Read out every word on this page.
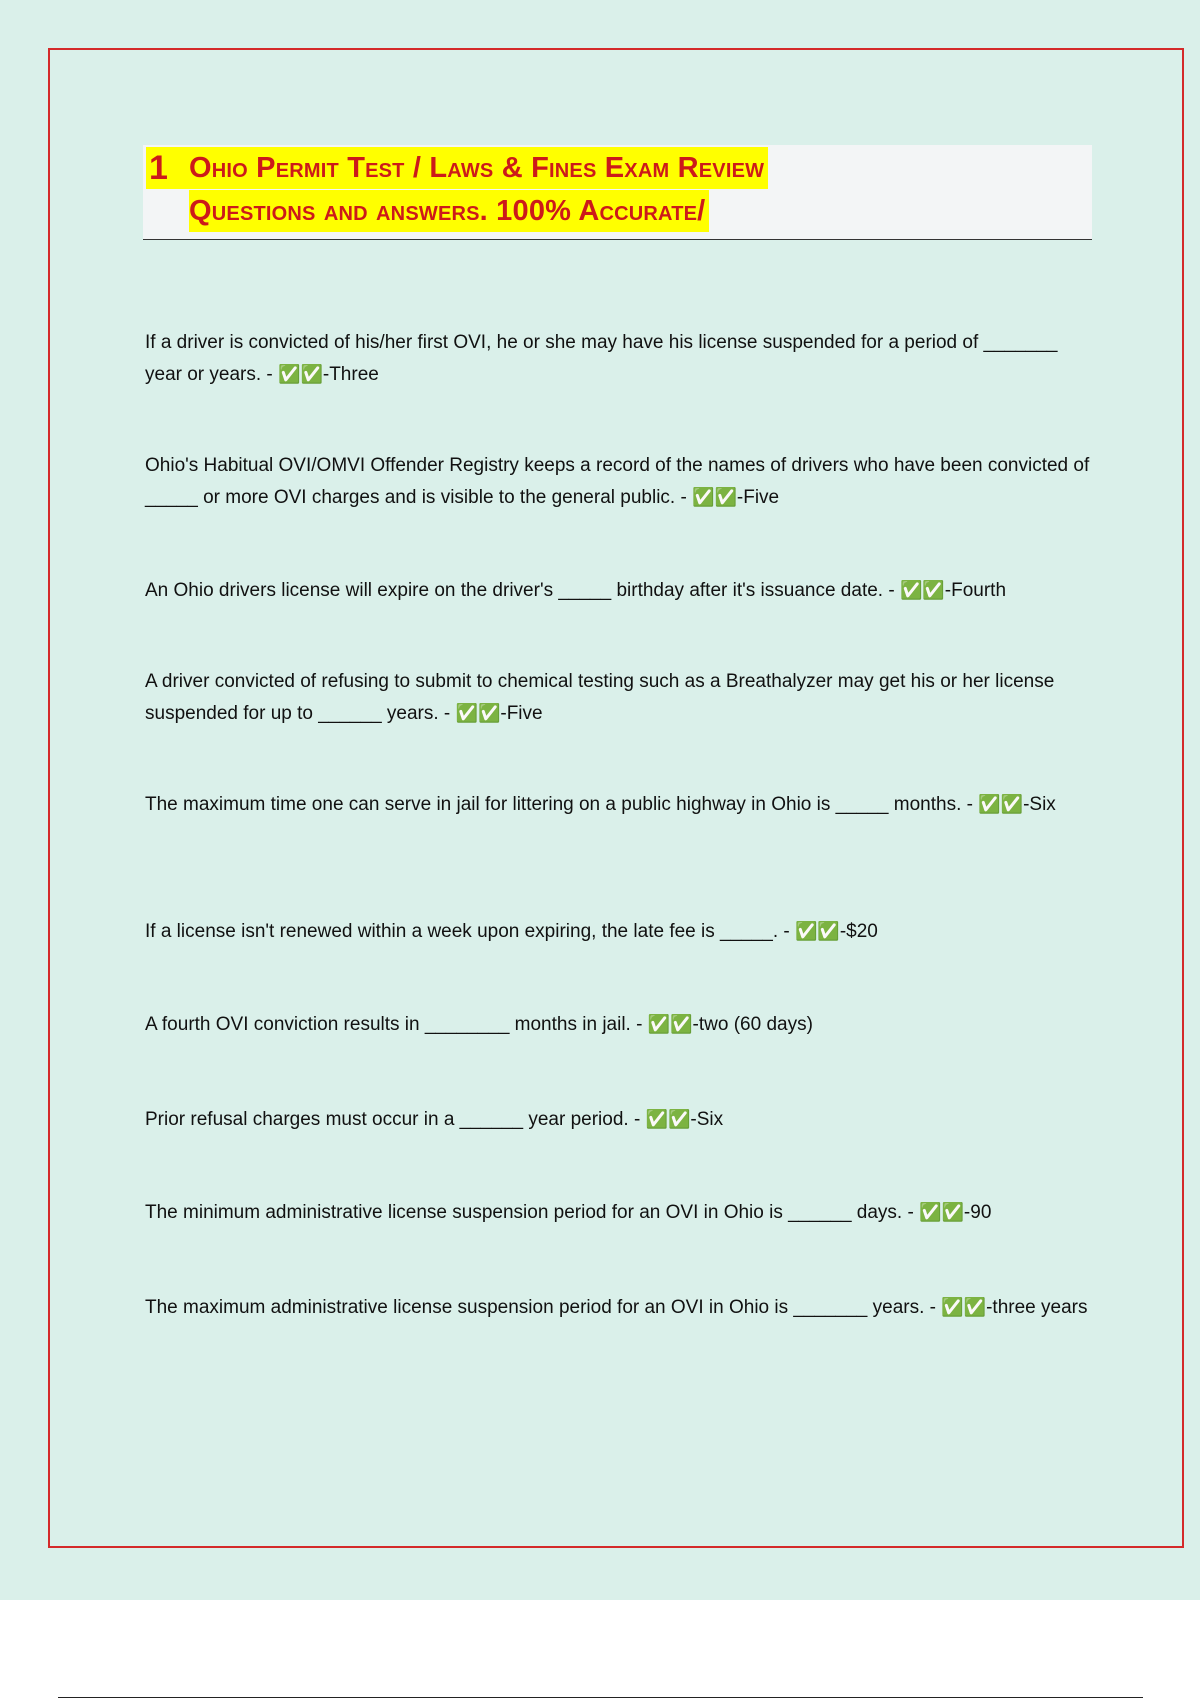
1 Ohio Permit Test / Laws & Fines Exam Review
Questions and answers. 100% Accurate/
If a driver is convicted of his/her first OVI, he or she may have his license suspended for a period of _______ year or years. - ✅✅-Three
Ohio's Habitual OVI/OMVI Offender Registry keeps a record of the names of drivers who have been convicted of _____ or more OVI charges and is visible to the general public. - ✅✅-Five
An Ohio drivers license will expire on the driver's _____ birthday after it's issuance date. - ✅✅-Fourth
A driver convicted of refusing to submit to chemical testing such as a Breathalyzer may get his or her license suspended for up to ______ years. - ✅✅-Five
The maximum time one can serve in jail for littering on a public highway in Ohio is _____ months. - ✅✅-Six
If a license isn't renewed within a week upon expiring, the late fee is _____. - ✅✅-$20
A fourth OVI conviction results in ________ months in jail. - ✅✅-two (60 days)
Prior refusal charges must occur in a ______ year period. - ✅✅-Six
The minimum administrative license suspension period for an OVI in Ohio is ______ days. - ✅✅-90
The maximum administrative license suspension period for an OVI in Ohio is _______ years. - ✅✅-three years
